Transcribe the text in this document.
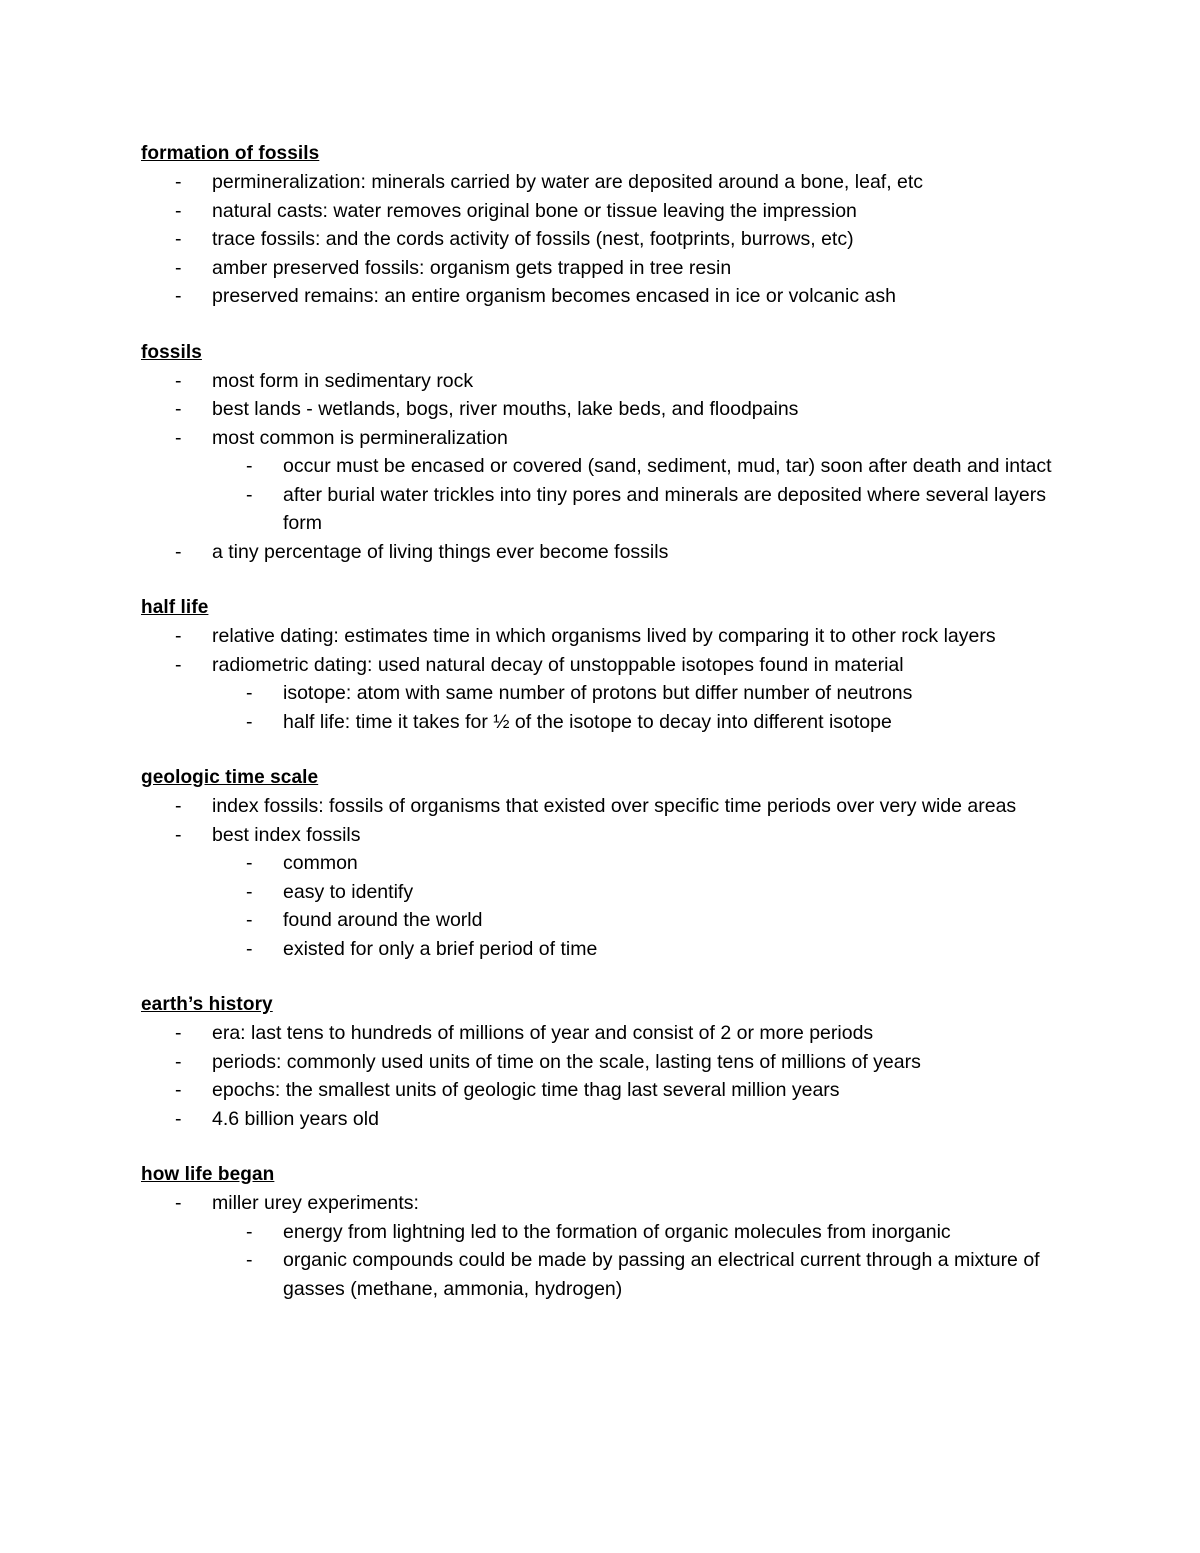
formation of fossils
- permineralization: minerals carried by water are deposited around a bone, leaf, etc
- natural casts: water removes original bone or tissue leaving the impression
- trace fossils: and the cords activity of fossils (nest, footprints, burrows, etc)
- amber preserved fossils: organism gets trapped in tree resin
- preserved remains: an entire organism becomes encased in ice or volcanic ash
fossils
- most form in sedimentary rock
- best lands - wetlands, bogs, river mouths, lake beds, and floodpains
- most common is permineralization
- occur must be encased or covered (sand, sediment, mud, tar) soon after death and intact
- after burial water trickles into tiny pores and minerals are deposited where several layers form
- a tiny percentage of living things ever become fossils
half life
- relative dating: estimates time in which organisms lived by comparing it to other rock layers
- radiometric dating: used natural decay of unstoppable isotopes found in material
- isotope: atom with same number of protons but differ number of neutrons
- half life: time it takes for ½ of the isotope to decay into different isotope
geologic time scale
- index fossils: fossils of organisms that existed over specific time periods over very wide areas
- best index fossils
- common
- easy to identify
- found around the world
- existed for only a brief period of time
earth’s history
- era: last tens to hundreds of millions of year and consist of 2 or more periods
- periods: commonly used units of time on the scale, lasting tens of millions of years
- epochs: the smallest units of geologic time thag last several million years
- 4.6 billion years old
how life began
- miller urey experiments:
- energy from lightning led to the formation of organic molecules from inorganic
- organic compounds could be made by passing an electrical current through a mixture of gasses (methane, ammonia, hydrogen)
